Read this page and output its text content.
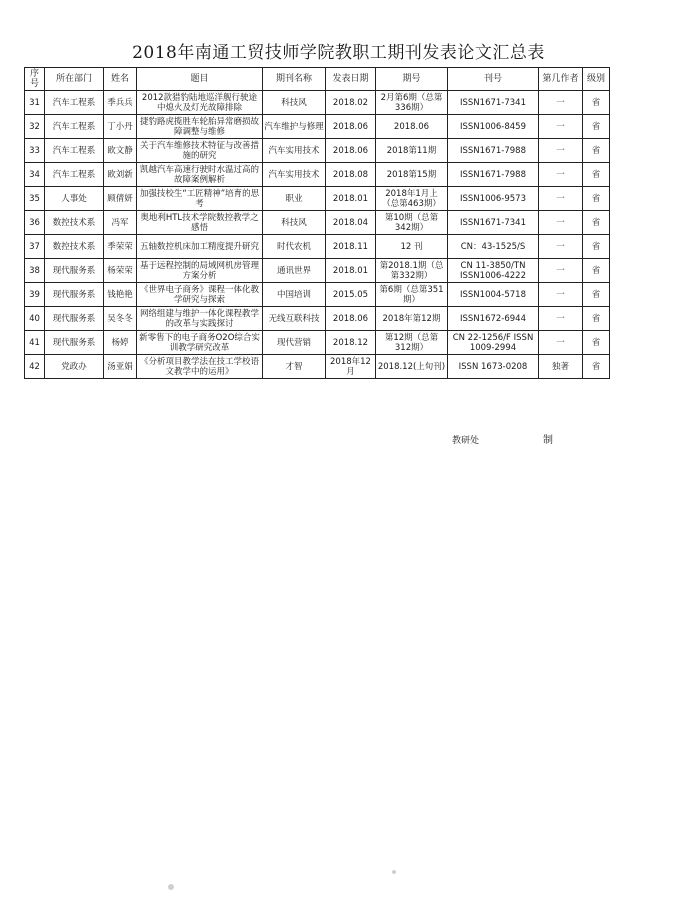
2018年南通工贸技师学院教职工期刊发表论文汇总表
序号	所在部门	姓名	题目	期刊名称	发表日期	期号	刊号	第几作者	级别
31	汽车工程系	季兵兵	2012款猎豹陆地巡洋舰行驶途中熄火及灯光故障排除	科技风	2018.02	2月第6期（总第336期）	ISSN1671-7341	一	省
32	汽车工程系	丁小丹	捷豹路虎揽胜车轮胎异常磨损故障调整与维修	汽车维护与修理	2018.06	2018.06	ISSN1006-8459	一	省
33	汽车工程系	欧文静	关于汽车维修技术特征与改善措施的研究	汽车实用技术	2018.06	2018第11期	ISSN1671-7988	一	省
34	汽车工程系	欧刘新	凯越汽车高速行驶时水温过高的故障案例解析	汽车实用技术	2018.08	2018第15期	ISSN1671-7988	一	省
35	人事处	顾倩妍	加强技校生“工匠精神”培育的思考	职业	2018.01	2018年1月上（总第463期）	ISSN1006-9573	一	省
36	数控技术系	冯军	奥地利HTL技术学院数控教学之感悟	科技风	2018.04	第10期（总第342期）	ISSN1671-7341	一	省
37	数控技术系	季荣荣	五轴数控机床加工精度提升研究	时代农机	2018.11	12 刊	CN：43-1525/S	一	省
38	现代服务系	杨荣荣	基于远程控制的局域网机房管理方案分析	通讯世界	2018.01	第2018.1期（总第332期）	CN 11-3850/TN ISSN1006-4222	一	省
39	现代服务系	钱艳艳	《世界电子商务》课程一体化教学研究与探索	中国培训	2015.05	第6期（总第351期）	ISSN1004-5718	一	省
40	现代服务系	吴冬冬	网络组建与维护一体化课程教学的改革与实践探讨	无线互联科技	2018.06	2018年第12期	ISSN1672-6944	一	省
41	现代服务系	杨婷	新零售下的电子商务O2O综合实训教学研究改革	现代营销	2018.12	第12期（总第312期）	CN 22-1256/F ISSN 1009-2994	一	省
42	党政办	汤亚娟	《分析项目教学法在技工学校语文教学中的运用》	才智	2018年12月	2018.12(上旬刊)	ISSN 1673-0208	独著	省
教研处	制
